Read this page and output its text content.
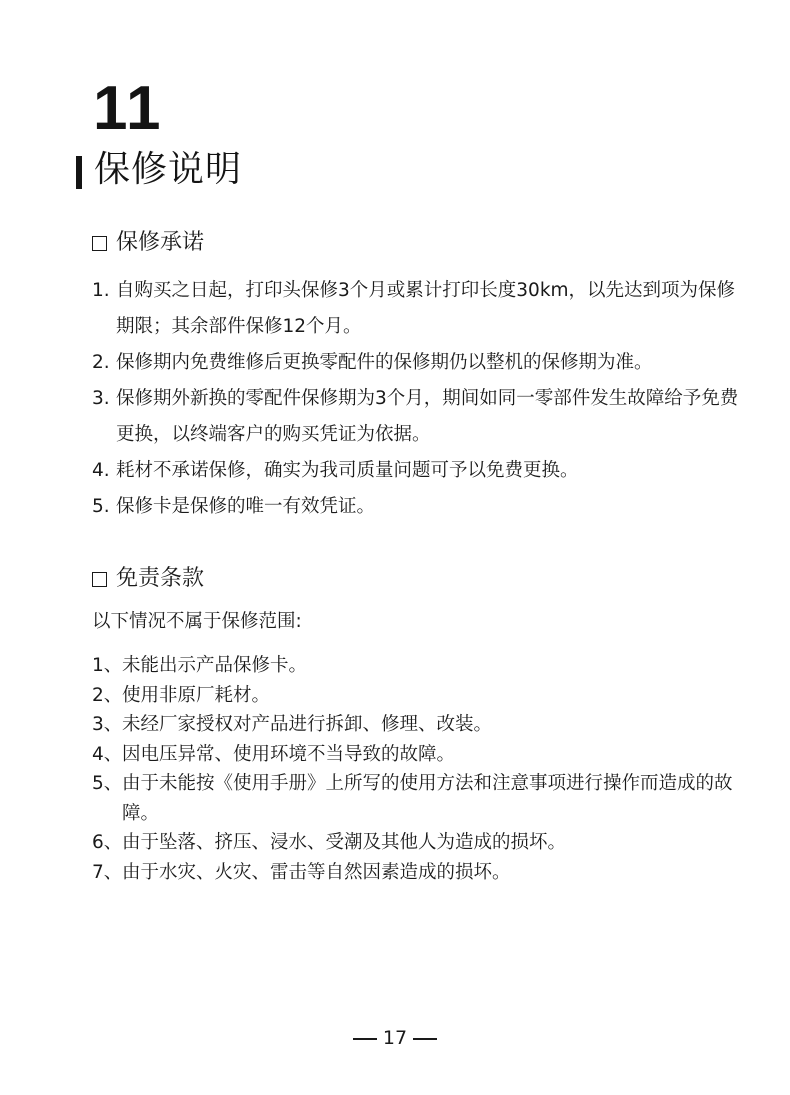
11
保修说明
保修承诺
1. 自购买之日起，打印头保修3个月或累计打印长度30km，以先达到项为保修期限；其余部件保修12个月。
2. 保修期内免费维修后更换零配件的保修期仍以整机的保修期为准。
3. 保修期外新换的零配件保修期为3个月，期间如同一零部件发生故障给予免费更换，以终端客户的购买凭证为依据。
4. 耗材不承诺保修，确实为我司质量问题可予以免费更换。
5. 保修卡是保修的唯一有效凭证。
免责条款
以下情况不属于保修范围:
1、 未能出示产品保修卡。
2、 使用非原厂耗材。
3、 未经厂家授权对产品进行拆卸、修理、改装。
4、 因电压异常、使用环境不当导致的故障。
5、 由于未能按《使用手册》上所写的使用方法和注意事项进行操作而造成的故障。
6、 由于坠落、挤压、浸水、受潮及其他人为造成的损坏。
7、 由于水灾、火灾、雷击等自然因素造成的损坏。
17
